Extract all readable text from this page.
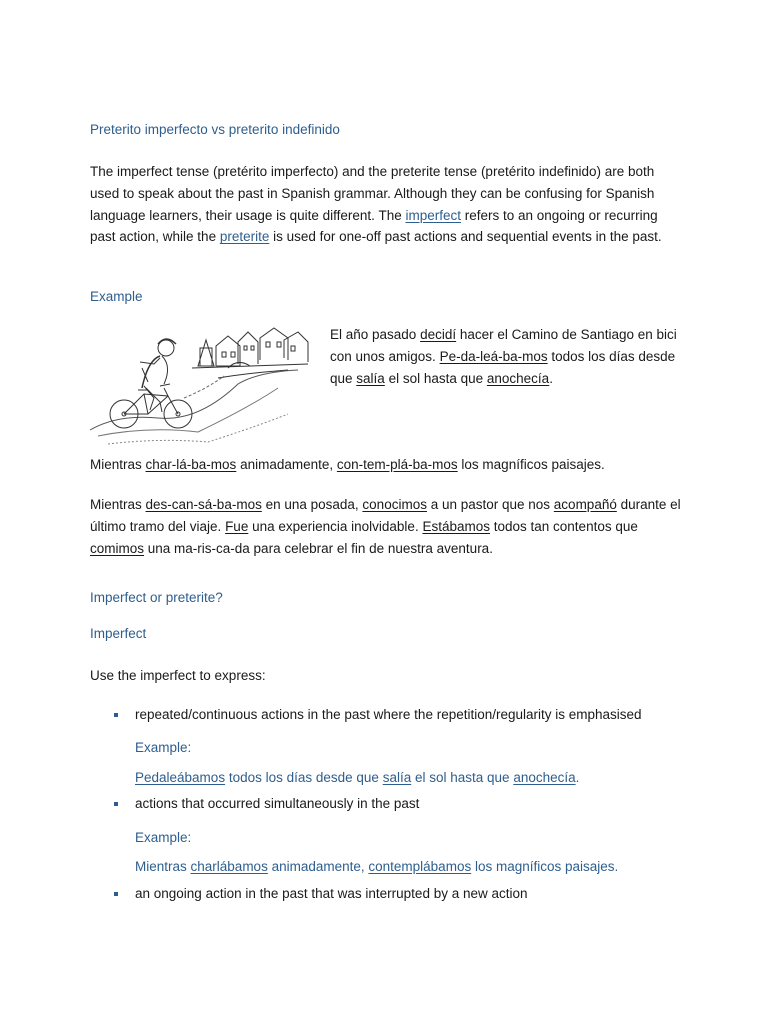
Preterito imperfecto vs preterito indefinido

The imperfect tense (pretérito imperfecto) and the preterite tense (pretérito indefinido) are both used to speak about the past in Spanish grammar. Although they can be confusing for Spanish language learners, their usage is quite different. The imperfect refers to an ongoing or recurring past action, while the preterite is used for one-off past actions and sequential events in the past.

Example

El año pasado decidí hacer el Camino de Santiago en bici con unos amigos. Pe-da-leá-ba-mos todos los días desde que salía el sol hasta que anochecía.

Mientras char-lá-ba-mos animadamente, con-tem-plá-ba-mos los magníficos paisajes.

Mientras des-can-sá-ba-mos en una posada, conocimos a un pastor que nos acompañó durante el último tramo del viaje. Fue una experiencia inolvidable. Estábamos todos tan contentos que comimos una ma-ris-ca-da para celebrar el fin de nuestra aventura.

Imperfect or preterite?
Imperfect
Use the imperfect to express:
repeated/continuous actions in the past where the repetition/regularity is emphasised
Example:

Pedaleábamos todos los días desde que salía el sol hasta que anochecía.

actions that occurred simultaneously in the past
Example:

Mientras charlábamos animadamente, contemplábamos los magníficos paisajes.

an ongoing action in the past that was interrupted by a new action
